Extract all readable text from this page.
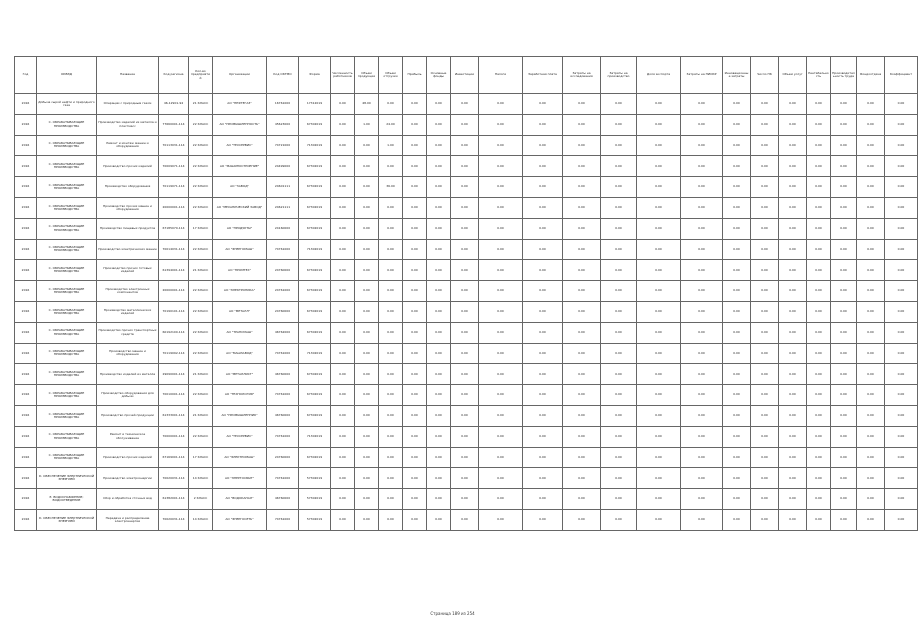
Год	ОКВЭД	Название	Код региона	Кол-во предприятий	Организации	Код ОКТМО	Форма	Численность работников	Объем продукции	Объем отгрузки	Прибыль	Основные фонды	Инвестиции	Налоги	Заработная плата	Затраты на исследования	Затраты на производство	Доля экспорта	Затраты на НИОКР	Инновационные затраты	Число ПК	Объем услуг	Рентабельность	Производительность труда	Фондоотдача	Коэффициент
2016	Добыча сырой нефти и природного газа	Операции с природным газом	46-12901-94	21 КЛАСС	АО "НЕФТЕГАЗ"	16761000	17312019	0.00	48.00	0.00	0.00	0.00	0.00	0.00	0.00	0.00	0.00	0.00	0.00	0.00	0.00	0.00	0.00	0.00	0.00	0.00
2016	С. ОБРАБАТЫВАЮЩИЕ ПРОИЗВОДСТВА	Производство изделий из металла и пластмасс	77660001-114	22 КЛАСС	АО "ПРОМЫШЛЕННОСТЬ"	45623000	67302019	0.00	1.00	24.00	0.00	0.00	0.00	0.00	0.00	0.00	0.00	0.00	0.00	0.00	0.00	0.00	0.00	0.00	0.00	0.00
2016	С. ОБРАБАТЫВАЮЩИЕ ПРОИЗВОДСТВА	Ремонт и монтаж машин и оборудования	70113031-114	22 КЛАСС	АО "ТЕХСЕРВИС"	74721000	71302019	0.00	0.00	1.00	0.00	0.00	0.00	0.00	0.00	0.00	0.00	0.00	0.00	0.00	0.00	0.00	0.00	0.00	0.00	0.00
2016	С. ОБРАБАТЫВАЮЩИЕ ПРОИЗВОДСТВА	Производство прочих изделий	70009071-114	22 КЛАСС	АО "МАШИНОСТРОЕНИЕ"	24499000	67302019	0.00	0.00	0.00	0.00	0.00	0.00	0.00	0.00	0.00	0.00	0.00	0.00	0.00	0.00	0.00	0.00	0.00	0.00	0.00
2016	С. ОБРАБАТЫВАЮЩИЕ ПРОИЗВОДСТВА	Производство оборудования	70119071-114	22 КЛАСС	АО "ЗАВОД"	24601111	67302019	0.00	0.00	36.00	0.00	0.00	0.00	0.00	0.00	0.00	0.00	0.00	0.00	0.00	0.00	0.00	0.00	0.00	0.00	0.00
2016	С. ОБРАБАТЫВАЮЩИЕ ПРОИЗВОДСТВА	Производство прочих машин и оборудования	20000001-114	22 КЛАСС	АО "МЕХАНИЧЕСКИЙ ЗАВОД"	24621111	67302019	0.00	0.00	0.00	0.00	0.00	0.00	0.00	0.00	0.00	0.00	0.00	0.00	0.00	0.00	0.00	0.00	0.00	0.00	0.00
2016	С. ОБРАБАТЫВАЮЩИЕ ПРОИЗВОДСТВА	Производство пищевых продуктов	67185070-114	17 КЛАСС	АО "ПРОДУКТЫ"	24160000	67302019	0.00	0.00	0.00	0.00	0.00	0.00	0.00	0.00	0.00	0.00	0.00	0.00	0.00	0.00	0.00	0.00	0.00	0.00	0.00
2016	С. ОБРАБАТЫВАЮЩИЕ ПРОИЗВОДСТВА	Производство электрических машин	70014031-114	22 КЛАСС	АО "ЭНЕРГОМАШ"	74761000	71302019	0.00	0.00	0.00	0.00	0.00	0.00	0.00	0.00	0.00	0.00	0.00	0.00	0.00	0.00	0.00	0.00	0.00	0.00	0.00
2016	С. ОБРАБАТЫВАЮЩИЕ ПРОИЗВОДСТВА	Производство прочих готовых изделий	61394001-114	21 КЛАСС	АО "ПРОМТЕХ"	24760000	67302019	0.00	0.00	0.00	0.00	0.00	0.00	0.00	0.00	0.00	0.00	0.00	0.00	0.00	0.00	0.00	0.00	0.00	0.00	0.00
2016	С. ОБРАБАТЫВАЮЩИЕ ПРОИЗВОДСТВА	Производство электронных компонентов	20000001-114	22 КЛАСС	АО "ЭЛЕКТРОНИКА"	24761000	67302019	0.00	0.00	0.00	0.00	0.00	0.00	0.00	0.00	0.00	0.00	0.00	0.00	0.00	0.00	0.00	0.00	0.00	0.00	0.00
2016	С. ОБРАБАТЫВАЮЩИЕ ПРОИЗВОДСТВА	Производство металлических изделий	70190101-114	22 КЛАСС	АО "МЕТАЛЛ"	24760000	67302019	0.00	0.00	0.00	0.00	0.00	0.00	0.00	0.00	0.00	0.00	0.00	0.00	0.00	0.00	0.00	0.00	0.00	0.00	0.00
2016	С. ОБРАБАТЫВАЮЩИЕ ПРОИЗВОДСТВА	Производство прочих транспортных средств	60192100-114	22 КЛАСС	АО "ТРАНСМАШ"	46762000	67302019	0.00	0.00	0.00	0.00	0.00	0.00	0.00	0.00	0.00	0.00	0.00	0.00	0.00	0.00	0.00	0.00	0.00	0.00	0.00
2016	С. ОБРАБАТЫВАЮЩИЕ ПРОИЗВОДСТВА	Производство машин и оборудования	70119092-114	22 КЛАСС	АО "МАШЗАВОД"	74761000	71302019	0.00	0.00	0.00	0.00	0.00	0.00	0.00	0.00	0.00	0.00	0.00	0.00	0.00	0.00	0.00	0.00	0.00	0.00	0.00
2016	С. ОБРАБАТЫВАЮЩИЕ ПРОИЗВОДСТВА	Производство изделий из металла	29090001-114	21 КЛАСС	АО "МЕТАЛЛИСТ"	46760000	67302019	0.00	0.00	0.00	0.00	0.00	0.00	0.00	0.00	0.00	0.00	0.00	0.00	0.00	0.00	0.00	0.00	0.00	0.00	0.00
2016	С. ОБРАБАТЫВАЮЩИЕ ПРОИЗВОДСТВА	Производство оборудования для добычи	70010001-114	22 КЛАСС	АО "ТЕХНОЛОГИЯ"	74761000	67302019	0.00	0.00	0.00	0.00	0.00	0.00	0.00	0.00	0.00	0.00	0.00	0.00	0.00	0.00	0.00	0.00	0.00	0.00	0.00
2016	С. ОБРАБАТЫВАЮЩИЕ ПРОИЗВОДСТВА	Производство прочей продукции	61333001-114	21 КЛАСС	АО "ПРОМЫШЛЕННИК"	46760000	67302019	0.00	0.00	0.00	0.00	0.00	0.00	0.00	0.00	0.00	0.00	0.00	0.00	0.00	0.00	0.00	0.00	0.00	0.00	0.00
2016	С. ОБРАБАТЫВАЮЩИЕ ПРОИЗВОДСТВА	Ремонт и техническое обслуживание	70000001-114	22 КЛАСС	АО "ТЕХСЕРВИС"	74761000	71302019	0.00	0.00	0.00	0.00	0.00	0.00	0.00	0.00	0.00	0.00	0.00	0.00	0.00	0.00	0.00	0.00	0.00	0.00	0.00
2016	С. ОБРАБАТЫВАЮЩИЕ ПРОИЗВОДСТВА	Производство прочих изделий	67169001-114	17 КЛАСС	АО "ЭЛЕКТРОМАШ"	24760000	67302019	0.00	0.00	0.00	0.00	0.00	0.00	0.00	0.00	0.00	0.00	0.00	0.00	0.00	0.00	0.00	0.00	0.00	0.00	0.00
2016	D. ОБЕСПЕЧЕНИЕ ЭЛЕКТРИЧЕСКОЙ ЭНЕРГИЕЙ	Производство электроэнергии	70020031-114	14 КЛАСС	АО "ЭНЕРГОСБЫТ"	74761000	57302019	0.00	0.00	0.00	0.00	0.00	0.00	0.00	0.00	0.00	0.00	0.00	0.00	0.00	0.00	0.00	0.00	0.00	0.00	0.00
2016	E. ВОДОСНАБЖЕНИЕ; ВОДООТВЕДЕНИЕ	Сбор и обработка сточных вод	61382001-114	2 КЛАСС	АО "ВОДОКАНАЛ"	46760000	57302019	0.00	0.00	0.00	0.00	0.00	0.00	0.00	0.00	0.00	0.00	0.00	0.00	0.00	0.00	0.00	0.00	0.00	0.00	0.00
2016	D. ОБЕСПЕЧЕНИЕ ЭЛЕКТРИЧЕСКОЙ ЭНЕРГИЕЙ	Передача и распределение электроэнергии	70020031-114	14 КЛАСС	АО "ЭНЕРГОСЕТЬ"	74761000	57302019	0.00	0.00	0.00	0.00	0.00	0.00	0.00	0.00	0.00	0.00	0.00	0.00	0.00	0.00	0.00	0.00	0.00	0.00	0.00
Страница 189 из 254
